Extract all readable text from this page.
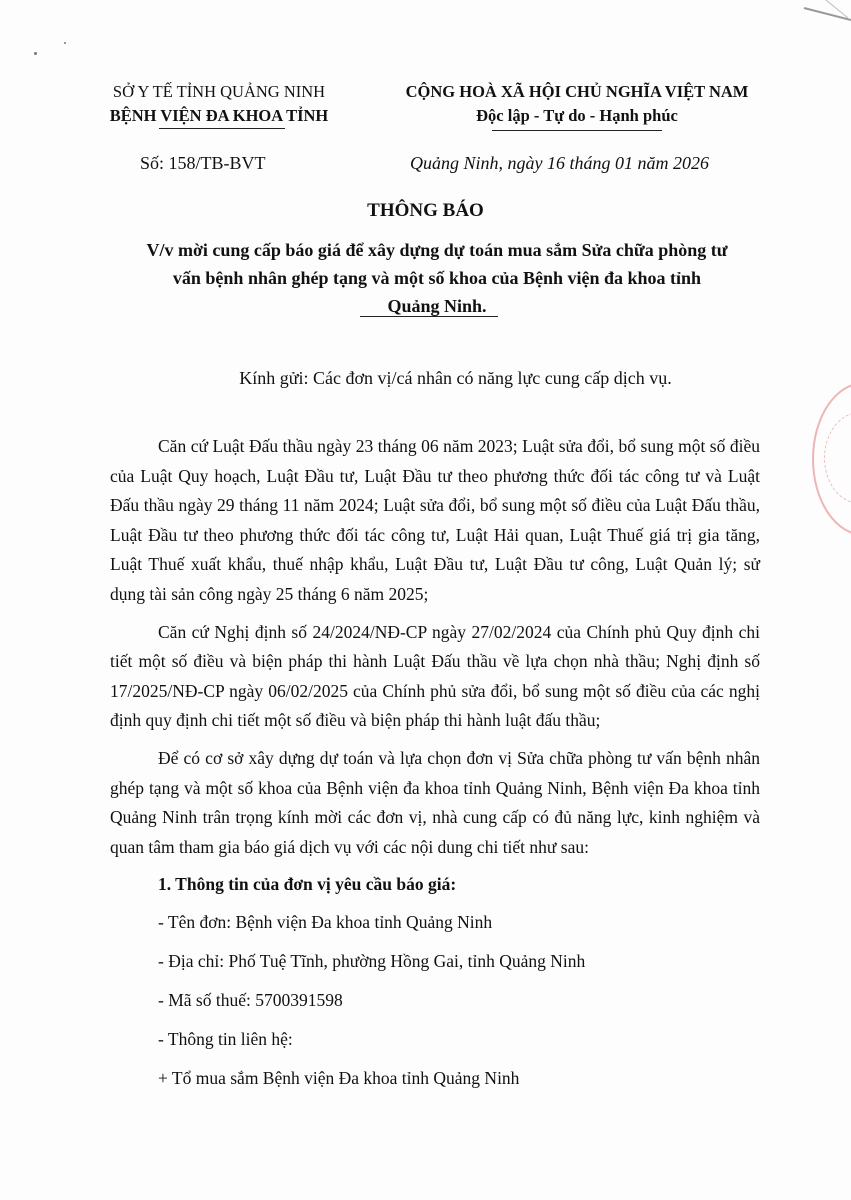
SỞ Y TẾ TỈNH QUẢNG NINH
BỆNH VIỆN ĐA KHOA TỈNH
CỘNG HOÀ XÃ HỘI CHỦ NGHĨA VIỆT NAM
Độc lập - Tự do - Hạnh phúc
Số: 158/TB-BVT	Quảng Ninh, ngày 16 tháng 01 năm 2026
THÔNG BÁO
V/v mời cung cấp báo giá để xây dựng dự toán mua sắm Sửa chữa phòng tư
vấn bệnh nhân ghép tạng và một số khoa của Bệnh viện đa khoa tỉnh
Quảng Ninh.
Kính gửi: Các đơn vị/cá nhân có năng lực cung cấp dịch vụ.

Căn cứ Luật Đấu thầu ngày 23 tháng 06 năm 2023; Luật sửa đổi, bổ sung một số điều của Luật Quy hoạch, Luật Đầu tư, Luật Đầu tư theo phương thức đối tác công tư và Luật Đấu thầu ngày 29 tháng 11 năm 2024; Luật sửa đổi, bổ sung một số điều của Luật Đấu thầu, Luật Đầu tư theo phương thức đối tác công tư, Luật Hải quan, Luật Thuế giá trị gia tăng, Luật Thuế xuất khẩu, thuế nhập khẩu, Luật Đầu tư, Luật Đầu tư công, Luật Quản lý; sử dụng tài sản công ngày 25 tháng 6 năm 2025;

Căn cứ Nghị định số 24/2024/NĐ-CP ngày 27/02/2024 của Chính phủ Quy định chi tiết một số điều và biện pháp thi hành Luật Đấu thầu về lựa chọn nhà thầu; Nghị định số 17/2025/NĐ-CP ngày 06/02/2025 của Chính phủ sửa đổi, bổ sung một số điều của các nghị định quy định chi tiết một số điều và biện pháp thi hành luật đấu thầu;

Để có cơ sở xây dựng dự toán và lựa chọn đơn vị Sửa chữa phòng tư vấn bệnh nhân ghép tạng và một số khoa của Bệnh viện đa khoa tỉnh Quảng Ninh, Bệnh viện Đa khoa tỉnh Quảng Ninh trân trọng kính mời các đơn vị, nhà cung cấp có đủ năng lực, kinh nghiệm và quan tâm tham gia báo giá dịch vụ với các nội dung chi tiết như sau:

1. Thông tin của đơn vị yêu cầu báo giá:
- Tên đơn: Bệnh viện Đa khoa tỉnh Quảng Ninh
- Địa chỉ: Phố Tuệ Tĩnh, phường Hồng Gai, tỉnh Quảng Ninh
- Mã số thuế: 5700391598
- Thông tin liên hệ:
+ Tổ mua sắm Bệnh viện Đa khoa tỉnh Quảng Ninh
